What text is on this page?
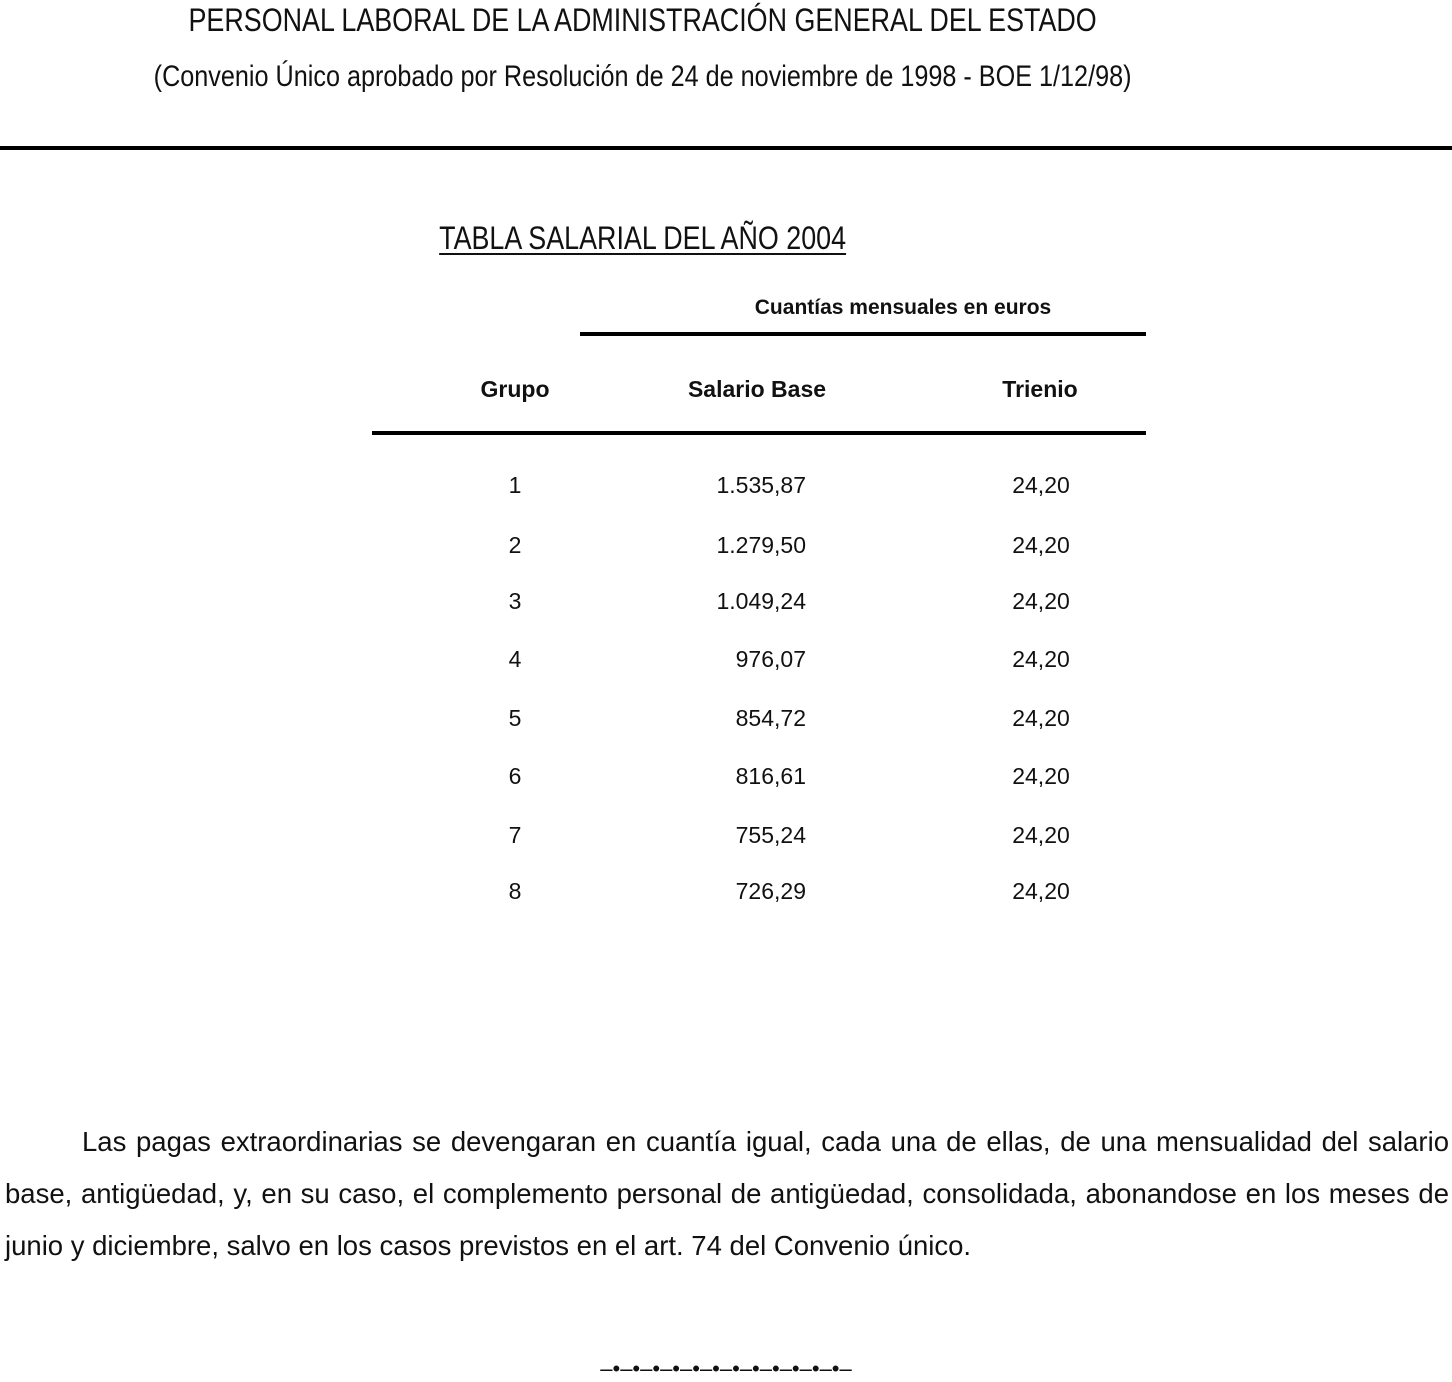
PERSONAL LABORAL DE LA ADMINISTRACIÓN GENERAL DEL ESTADO
(Convenio Único aprobado por Resolución de 24 de noviembre de 1998 - BOE 1/12/98)
TABLA SALARIAL DEL AÑO 2004
Cuantías mensuales en euros
Grupo	Salario Base	Trienio
1	1.535,87	24,20
2	1.279,50	24,20
3	1.049,24	24,20
4	976,07	24,20
5	854,72	24,20
6	816,61	24,20
7	755,24	24,20
8	726,29	24,20

Las pagas extraordinarias se devengaran en cuantía igual, cada una de ellas, de una mensualidad del salario base, antigüedad, y, en su caso, el complemento personal de antigüedad, consolidada, abonandose en los meses de junio y diciembre, salvo en los casos previstos en el art. 74 del Convenio único.

–•–•–•–•–•–•–•–•–•–•–•–•–
